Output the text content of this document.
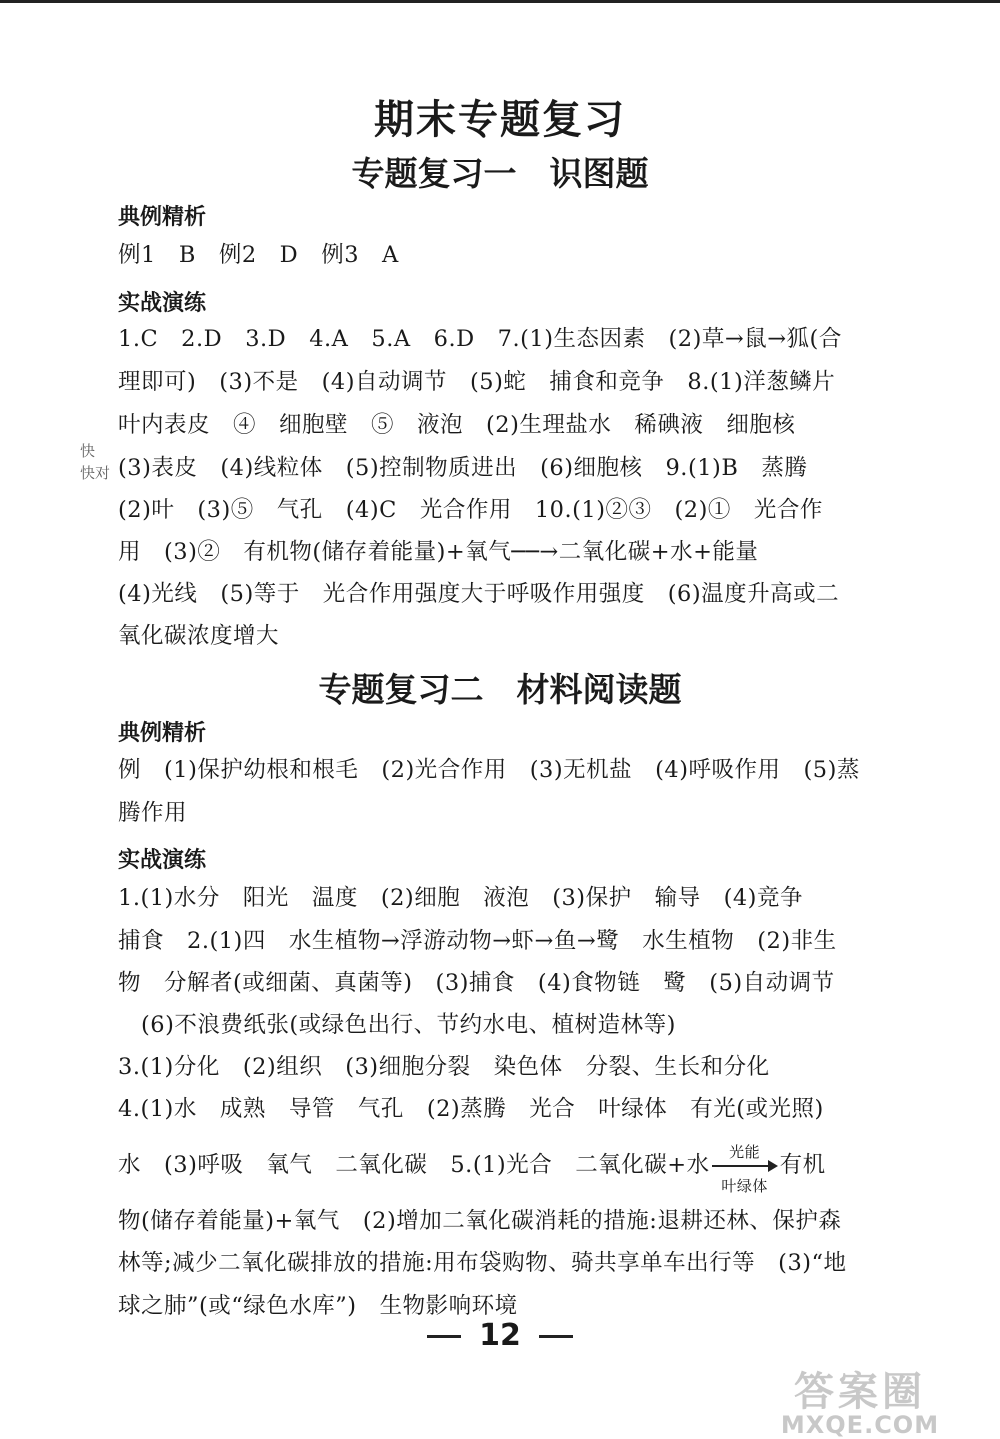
期末专题复习
专题复习一　识图题
典例精析
例1　B　例2　D　例3　A
实战演练
1.C　2.D　3.D　4.A　5.A　6.D　7.(1)生态因素　(2)草→鼠→狐(合
理即可)　(3)不是　(4)自动调节　(5)蛇　捕食和竞争　8.(1)洋葱鳞片
叶内表皮　④　细胞壁　⑤　液泡　(2)生理盐水　稀碘液　细胞核
(3)表皮　(4)线粒体　(5)控制物质进出　(6)细胞核　9.(1)B　蒸腾
(2)叶　(3)⑤　气孔　(4)C　光合作用　10.(1)②③　(2)①　光合作
用　(3)②　有机物(储存着能量)+氧气──→二氧化碳+水+能量
(4)光线　(5)等于　光合作用强度大于呼吸作用强度　(6)温度升高或二
氧化碳浓度增大
专题复习二　材料阅读题
典例精析
例　(1)保护幼根和根毛　(2)光合作用　(3)无机盐　(4)呼吸作用　(5)蒸
腾作用
实战演练
1.(1)水分　阳光　温度　(2)细胞　液泡　(3)保护　输导　(4)竞争
捕食　2.(1)四　水生植物→浮游动物→虾→鱼→鹭　水生植物　(2)非生
物　分解者(或细菌、真菌等)　(3)捕食　(4)食物链　鹭　(5)自动调节
　(6)不浪费纸张(或绿色出行、节约水电、植树造林等)
3.(1)分化　(2)组织　(3)细胞分裂　染色体　分裂、生长和分化
4.(1)水　成熟　导管　气孔　(2)蒸腾　光合　叶绿体　有光(或光照)
水　(3)呼吸　氧气　二氧化碳　5.(1)光合　二氧化碳+水	光能
叶绿体
有机
物(储存着能量)+氧气　(2)增加二氧化碳消耗的措施:退耕还林、保护森
林等;减少二氧化碳排放的措施:用布袋购物、骑共享单车出行等　(3)“地
球之肺”(或“绿色水库”)　生物影响环境
快
快对
12
答案圈
MXQE.COM
